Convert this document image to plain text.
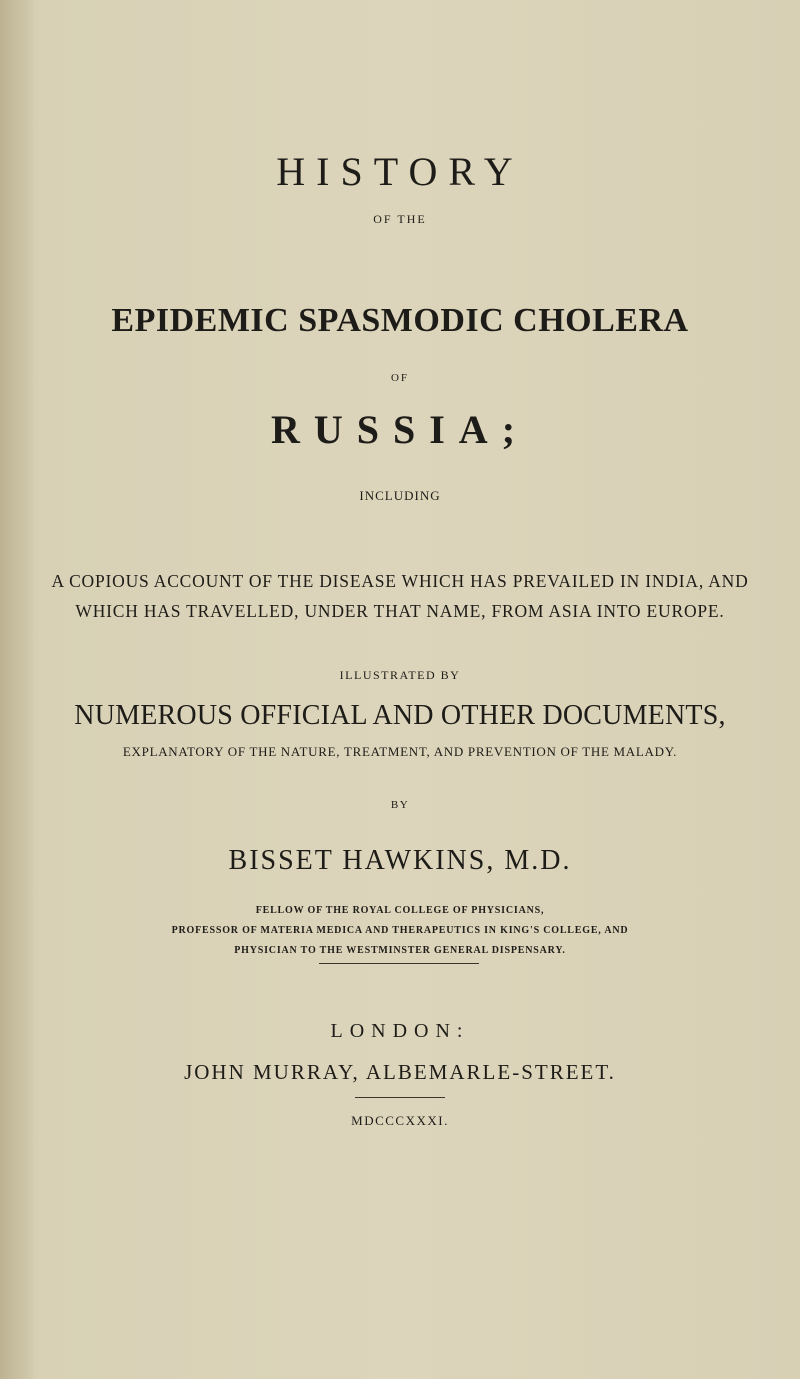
HISTORY
OF THE
EPIDEMIC SPASMODIC CHOLERA
OF
RUSSIA;
INCLUDING
A COPIOUS ACCOUNT OF THE DISEASE WHICH HAS PREVAILED IN INDIA, AND WHICH HAS TRAVELLED, UNDER THAT NAME, FROM ASIA INTO EUROPE.
ILLUSTRATED BY
NUMEROUS OFFICIAL AND OTHER DOCUMENTS,
EXPLANATORY OF THE NATURE, TREATMENT, AND PREVENTION OF THE MALADY.
BY
BISSET HAWKINS, M.D.
FELLOW OF THE ROYAL COLLEGE OF PHYSICIANS,
PROFESSOR OF MATERIA MEDICA AND THERAPEUTICS IN KING'S COLLEGE, AND
PHYSICIAN TO THE WESTMINSTER GENERAL DISPENSARY.
LONDON:
JOHN MURRAY, ALBEMARLE-STREET.
MDCCCXXXI.
